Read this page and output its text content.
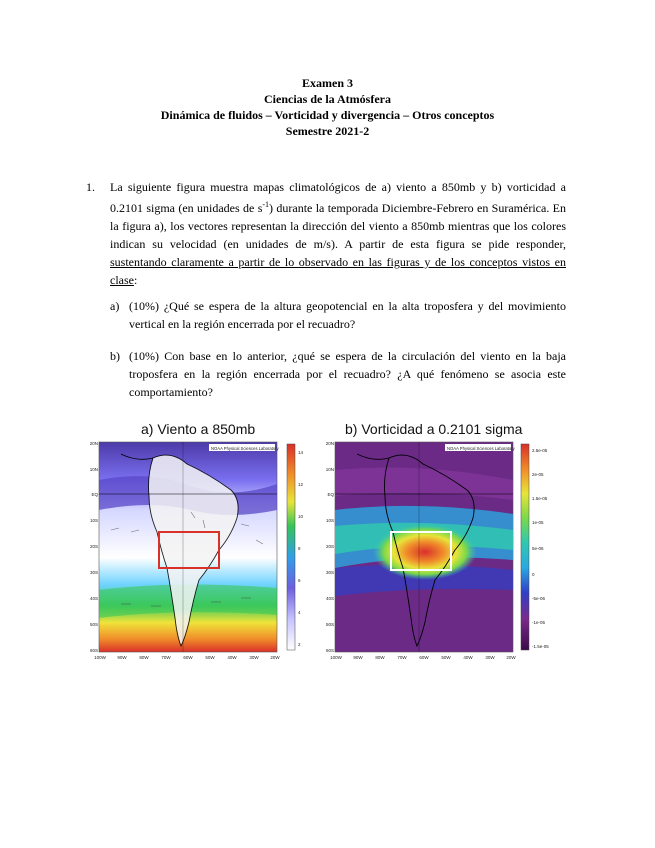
Examen 3
Ciencias de la Atmósfera
Dinámica de fluidos – Vorticidad y divergencia – Otros conceptos
Semestre 2021-2
1. La siguiente figura muestra mapas climatológicos de a) viento a 850mb y b) vorticidad a 0.2101 sigma (en unidades de $s^{-1}$) durante la temporada Diciembre-Febrero en Suramérica. En la figura a), los vectores representan la dirección del viento a 850mb mientras que los colores indican su velocidad (en unidades de m/s). A partir de esta figura se pide responder, sustentando claramente a partir de lo observado en las figuras y de los conceptos vistos en clase:
a) (10%) ¿Qué se espera de la altura geopotencial en la alta troposfera y del movimiento vertical en la región encerrada por el recuadro?
b) (10%) Con base en lo anterior, ¿qué se espera de la circulación del viento en la baja troposfera en la región encerrada por el recuadro? ¿A qué fenómeno se asocia este comportamiento?
a) Viento a 850mb	b) Vorticidad a 0.2101 sigma
NOAA Physical Sciences Laboratory
20N
10N
EQ
10S
20S
30S
40S
50S
60S
100W	90W	80W	70W	60W	50W	40W	30W	20W
14
12
10
8
6
4
2
NOAA Physical Sciences Laboratory
20N
10N
EQ
10S
20S
30S
40S
50S
60S
100W	90W	80W	70W	60W	50W	40W	30W	20W
2.5e-05
2e-05
1.5e-05
1e-05
5e-06
0
-5e-06
-1e-05
-1.5e-05
